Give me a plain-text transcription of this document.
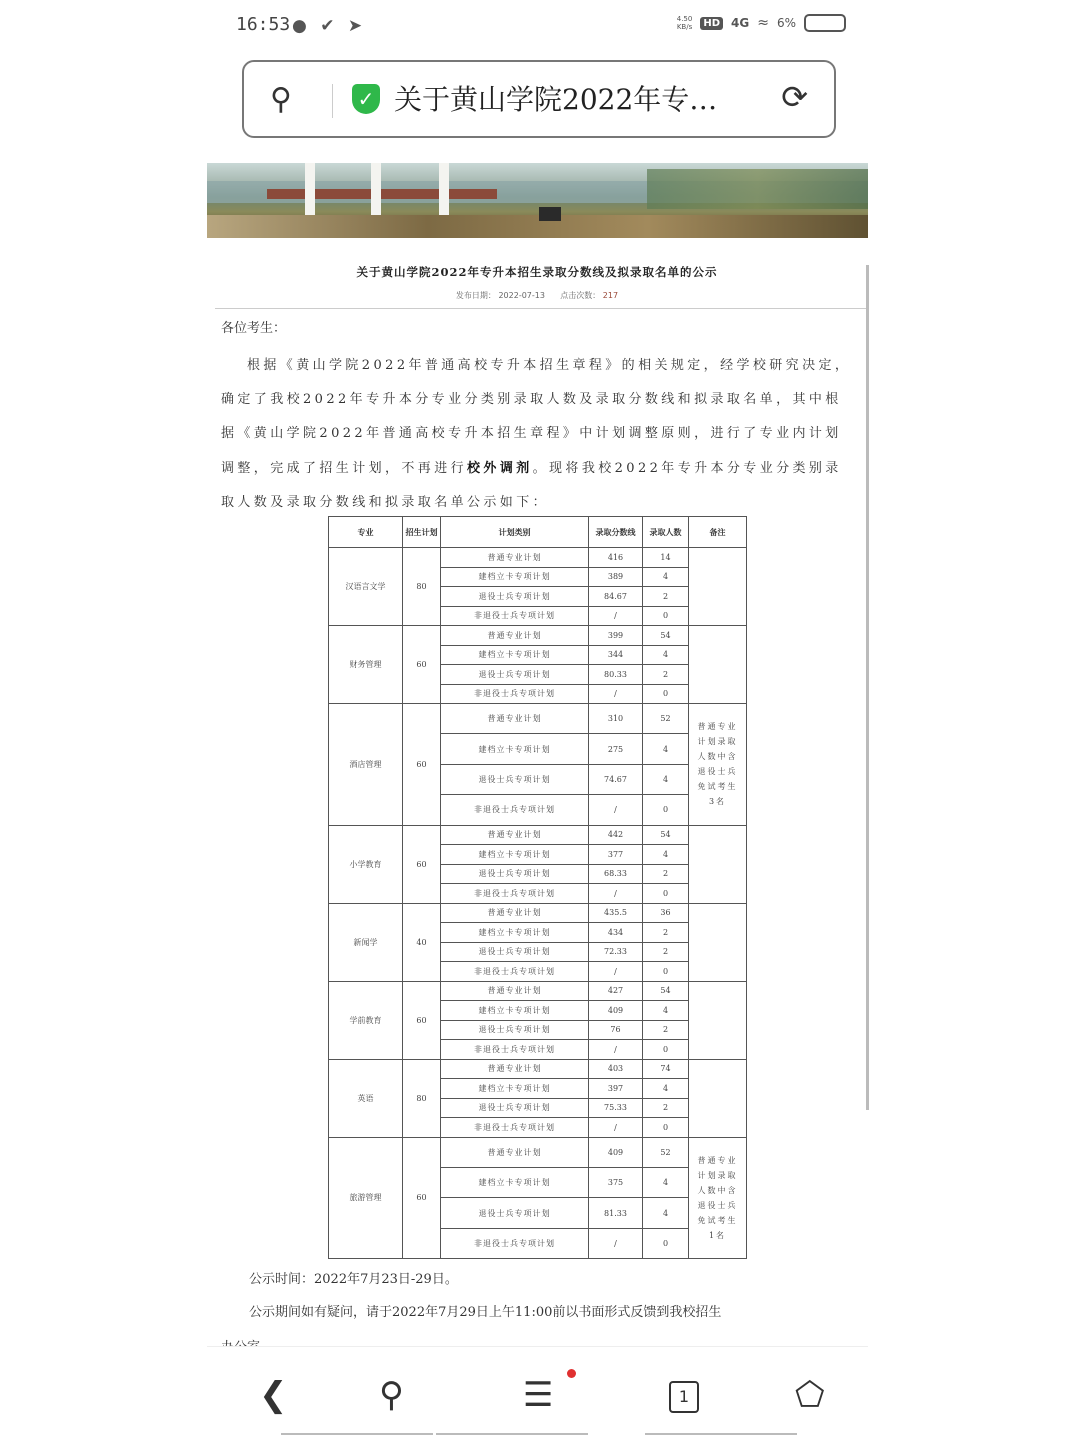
16:53 ● ✔ ➤	4.50
KB/s	HD 4G ≈ 6%
⚲	✓ 关于黄山学院2022年专… ⟳
关于黄山学院2022年专升本招生录取分数线及拟录取名单的公示
发布日期： 2022-07-13 点击次数： 217
各位考生：
根据《黄山学院2022年普通高校专升本招生章程》的相关规定，经学校研究决定，确定了我校2022年专升本分专业分类别录取人数及录取分数线和拟录取名单，其中根据《黄山学院2022年普通高校专升本招生章程》中计划调整原则，进行了专业内计划调整，完成了招生计划，不再进行校外调剂。现将我校2022年专升本分专业分类别录取人数及录取分数线和拟录取名单公示如下：
专业	招生计划	计划类别	录取分数线	录取人数	备注
汉语言文学	80	普通专业计划	416	14	
		建档立卡专项计划	389	4	
		退役士兵专项计划	84.67	2	
		非退役士兵专项计划	/	0	
财务管理	60	普通专业计划	399	54	
		建档立卡专项计划	344	4	
		退役士兵专项计划	80.33	2	
		非退役士兵专项计划	/	0	
酒店管理	60	普通专业计划	310	52	普通专业计划录取人数中含退役士兵免试考生3名
		建档立卡专项计划	275	4	
		退役士兵专项计划	74.67	4	
		非退役士兵专项计划	/	0	
小学教育	60	普通专业计划	442	54	
		建档立卡专项计划	377	4	
		退役士兵专项计划	68.33	2	
		非退役士兵专项计划	/	0	
新闻学	40	普通专业计划	435.5	36	
		建档立卡专项计划	434	2	
		退役士兵专项计划	72.33	2	
		非退役士兵专项计划	/	0	
学前教育	60	普通专业计划	427	54	
		建档立卡专项计划	409	4	
		退役士兵专项计划	76	2	
		非退役士兵专项计划	/	0	
英语	80	普通专业计划	403	74	
		建档立卡专项计划	397	4	
		退役士兵专项计划	75.33	2	
		非退役士兵专项计划	/	0	
旅游管理	60	普通专业计划	409	52	普通专业计划录取人数中含退役士兵免试考生1名
		建档立卡专项计划	375	4	
		退役士兵专项计划	81.33	4	
		非退役士兵专项计划	/	0	
公示时间：2022年7月23日-29日。
公示期间如有疑问，请于2022年7月29日上午11:00前以书面形式反馈到我校招生
❮	⚲	☰	1	⬠
